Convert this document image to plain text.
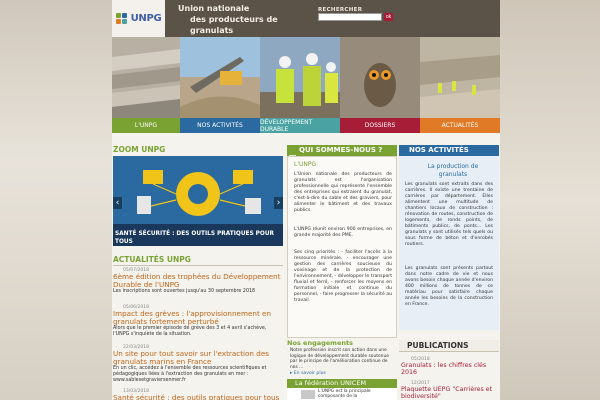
UNPG
Union nationale
des producteurs de granulats
RECHERCHER
ok
L'UNPG	NOS ACTIVITÉS	DÉVELOPPEMENT DURABLE	DOSSIERS	ACTUALITÉS
ZOOM UNPG
SANTÉ SÉCURITÉ : DES OUTILS PRATIQUES POUR TOUS
‹	›
ACTUALITÉS UNPG
05/07/2018
6ème édition des trophées du Développement Durable de l'UNPG
Les inscriptions sont ouvertes jusqu'au 30 septembre 2018
05/06/2018
Impact des grèves : l'approvisionnement en granulats fortement perturbé
Alors que le premier épisode de grève des 3 et 4 avril s'achève, l'UNPG s'inquiète de la situation.
22/03/2018
Un site pour tout savoir sur l'extraction des granulats marins en France
En un clic, accédez à l'ensemble des ressources scientifiques et pédagogiques liées à l'extraction des granulats en mer : www.sablesetgraviersenmer.fr
13/03/2018
Santé sécurité : des outils pratiques pour tous
QUI SOMMES-NOUS ?
L'UNPG
L'Union nationale des producteurs de granulats est l'organisation professionnelle qui représente l'ensemble des entreprises qui extraient du granulat, c'est-à-dire du sable et des graviers, pour alimenter le bâtiment et des travaux publics.
L'UNPG réunit environ 900 entreprises, en grande majorité des PME.
Ses cinq priorités : - faciliter l'accès à la ressource minérale, - encourager une gestion des carrières soucieuse du voisinage et de la protection de l'environnement, - développer le transport fluvial et ferré, - renforcer les moyens en formation initiale et continue du personnel, - faire progresser la sécurité au travail.
Nos engagements
Notre profession inscrit son action dans une logique de développement durable soutenue par le principe de l'amélioration continue de nos ...
▸ En savoir plus
La fédération UNICEM
L'UNPG est la principale composante de la
NOS ACTIVITÉS
La production de granulats
Les granulats sont extraits dans des carrières. Il existe une trentaine de carrières par département. Elles alimentent une multitude de chantiers locaux de construction : rénovation de routes, construction de logements, de ronds points, de bâtiments publics, de ponts... Les granulats y sont utilisés tels quels ou sous forme de béton et d'enrobés routiers.
Les granulats sont présents partout dans notre cadre de vie et nous avons besoin chaque année d'environ 400 millions de tonnes de ce matériau pour satisfaire chaque année les besoins de la construction en France.
PUBLICATIONS
05/2018
Granulats : les chiffres clés 2016
12/2017
Plaquette UEPG "Carrières et biodiversité"
